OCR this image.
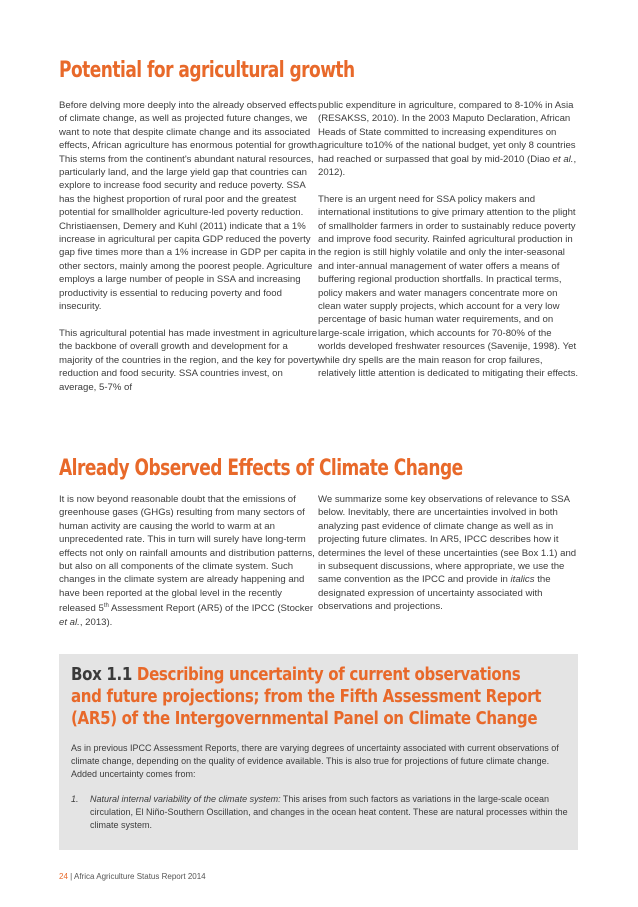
Potential for agricultural growth

Before delving more deeply into the already observed effects of climate change, as well as projected future changes, we want to note that despite climate change and its associated effects, African agriculture has enormous potential for growth. This stems from the continent's abundant natural resources, particularly land, and the large yield gap that countries can explore to increase food security and reduce poverty. SSA has the highest proportion of rural poor and the greatest potential for smallholder agriculture-led poverty reduction. Christiaensen, Demery and Kuhl (2011) indicate that a 1% increase in agricultural per capita GDP reduced the poverty gap five times more than a 1% increase in GDP per capita in other sectors, mainly among the poorest people. Agriculture employs a large number of people in SSA and increasing productivity is essential to reducing poverty and food insecurity.

This agricultural potential has made investment in agriculture the backbone of overall growth and development for a majority of the countries in the region, and the key for poverty reduction and food security. SSA countries invest, on average, 5-7% of

public expenditure in agriculture, compared to 8-10% in Asia (RESAKSS, 2010). In the 2003 Maputo Declaration, African Heads of State committed to increasing expenditures on agriculture to10% of the national budget, yet only 8 countries had reached or surpassed that goal by mid-2010 (Diao et al., 2012).

There is an urgent need for SSA policy makers and international institutions to give primary attention to the plight of smallholder farmers in order to sustainably reduce poverty and improve food security. Rainfed agricultural production in the region is still highly volatile and only the inter-seasonal and inter-annual management of water offers a means of buffering regional production shortfalls. In practical terms, policy makers and water managers concentrate more on clean water supply projects, which account for a very low percentage of basic human water requirements, and on large-scale irrigation, which accounts for 70-80% of the worlds developed freshwater resources (Savenije, 1998). Yet while dry spells are the main reason for crop failures, relatively little attention is dedicated to mitigating their effects.

Already Observed Effects of Climate Change

It is now beyond reasonable doubt that the emissions of greenhouse gases (GHGs) resulting from many sectors of human activity are causing the world to warm at an unprecedented rate. This in turn will surely have long-term effects not only on rainfall amounts and distribution patterns, but also on all components of the climate system. Such changes in the climate system are already happening and have been reported at the global level in the recently released 5th Assessment Report (AR5) of the IPCC (Stocker et al., 2013).

We summarize some key observations of relevance to SSA below. Inevitably, there are uncertainties involved in both analyzing past evidence of climate change as well as in projecting future climates. In AR5, IPCC describes how it determines the level of these uncertainties (see Box 1.1) and in subsequent discussions, where appropriate, we use the same convention as the IPCC and provide in italics the designated expression of uncertainty associated with observations and projections.

Box 1.1 Describing uncertainty of current observations and future projections; from the Fifth Assessment Report (AR5) of the Intergovernmental Panel on Climate Change
As in previous IPCC Assessment Reports, there are varying degrees of uncertainty associated with current observations of climate change, depending on the quality of evidence available. This is also true for projections of future climate change. Added uncertainty comes from:
1. Natural internal variability of the climate system: This arises from such factors as variations in the large-scale ocean circulation, El Niño-Southern Oscillation, and changes in the ocean heat content. These are natural processes within the climate system.
24 | Africa Agriculture Status Report 2014
